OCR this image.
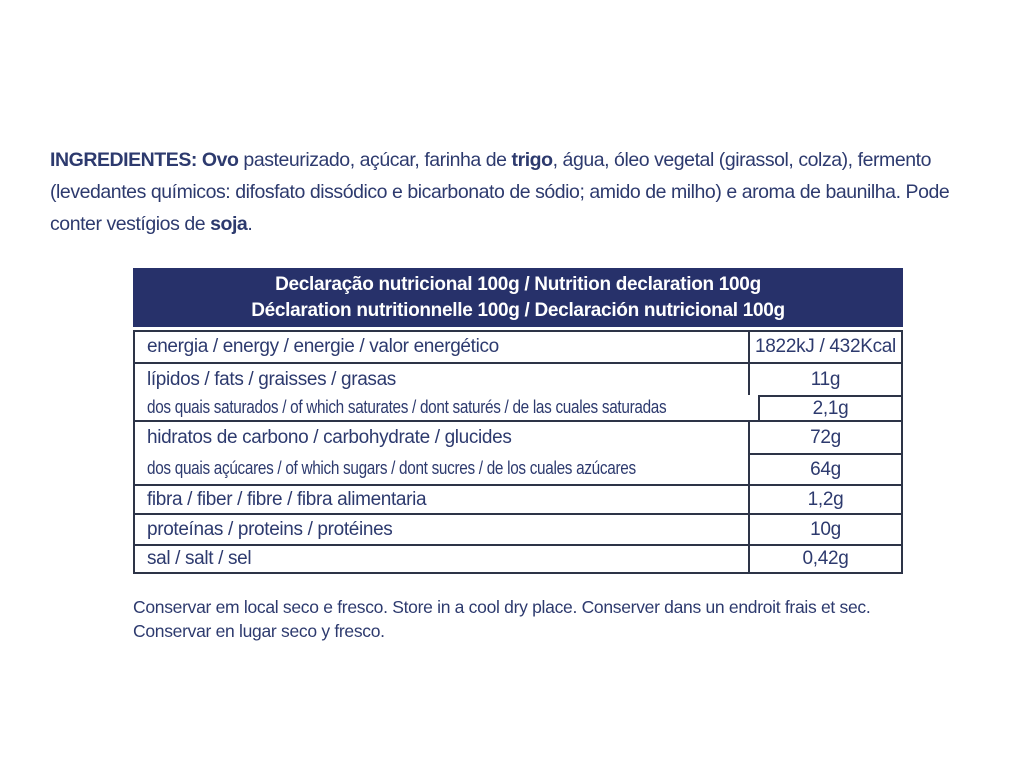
INGREDIENTES: Ovo pasteurizado, açúcar, farinha de trigo, água, óleo vegetal (girassol, colza), fermento (levedantes químicos: difosfato dissódico e bicarbonato de sódio; amido de milho) e aroma de baunilha. Pode conter vestígios de soja.

Declaração nutricional 100g / Nutrition declaration 100g
Déclaration nutritionnelle 100g / Declaración nutricional 100g
energia / energy / energie / valor energético	1822kJ / 432Kcal
lípidos / fats / graisses / grasas	11g
dos quais saturados / of which saturates / dont saturés / de las cuales saturadas	2,1g
hidratos de carbono / carbohydrate / glucides	72g
dos quais açúcares / of which sugars / dont sucres / de los cuales azúcares	64g
fibra / fiber / fibre / fibra alimentaria	1,2g
proteínas / proteins / protéines	10g
sal / salt / sel	0,42g

Conservar em local seco e fresco. Store in a cool dry place. Conserver dans un endroit frais et sec. Conservar en lugar seco y fresco.
